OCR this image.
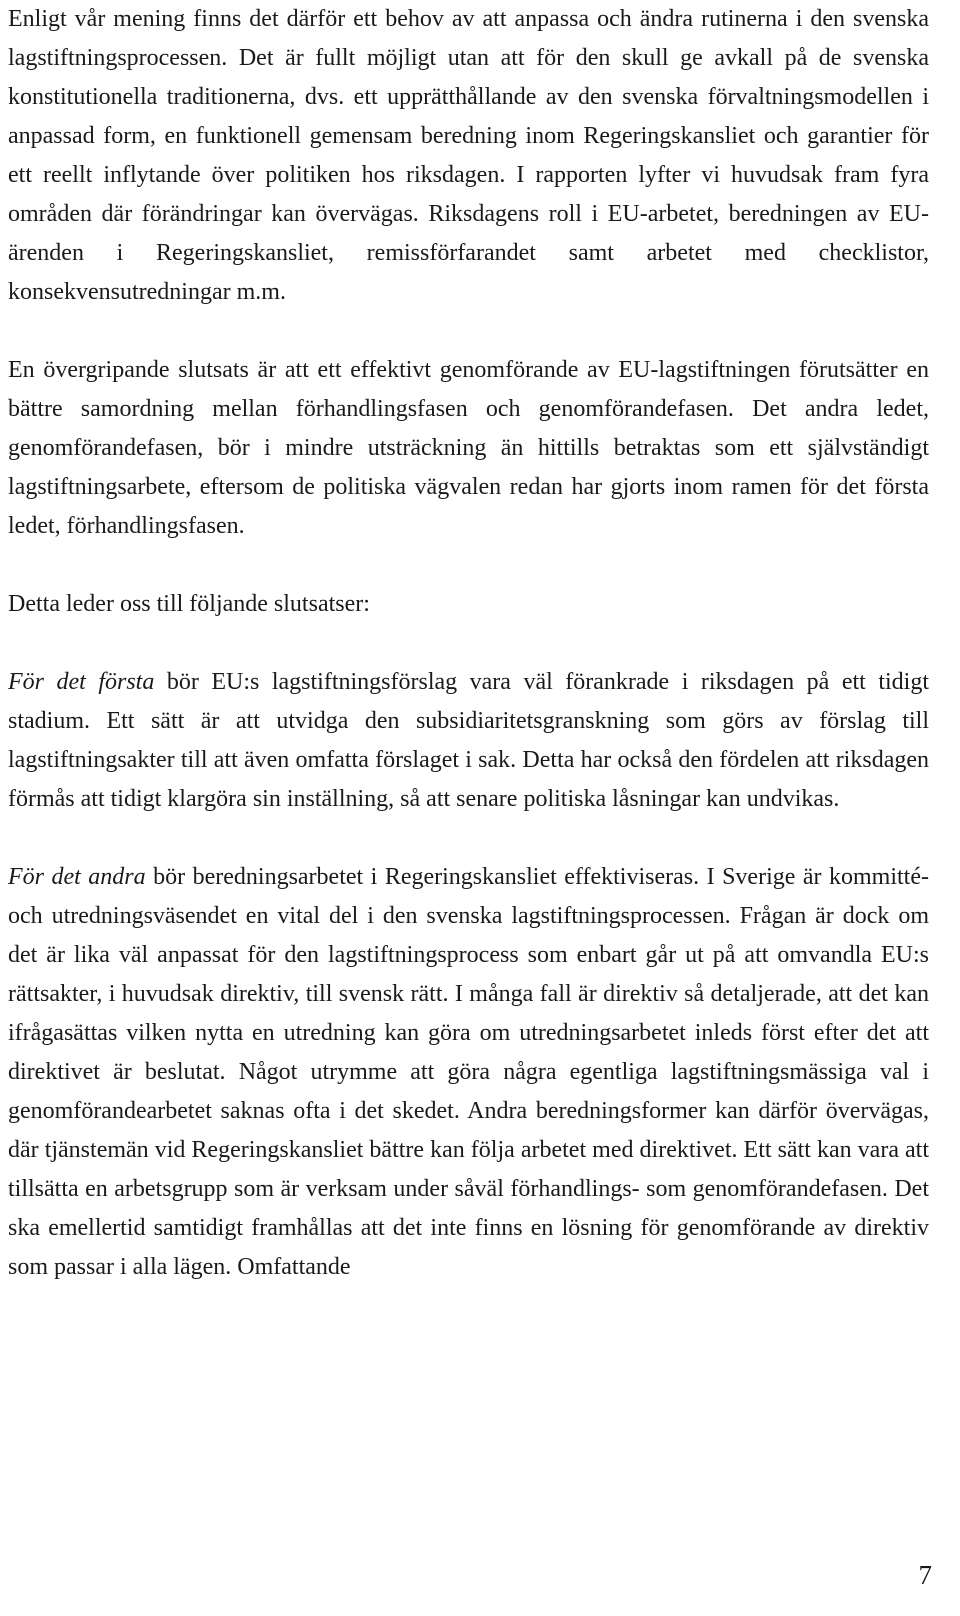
Enligt vår mening finns det därför ett behov av att anpassa och ändra rutinerna i den svenska lagstiftningsprocessen. Det är fullt möjligt utan att för den skull ge avkall på de svenska konstitutionella traditionerna, dvs. ett upprätthållande av den svenska förvaltningsmodellen i anpassad form, en funktionell gemensam beredning inom Regeringskansliet och garantier för ett reellt inflytande över politiken hos riksdagen. I rapporten lyfter vi huvudsak fram fyra områden där förändringar kan övervägas. Riksdagens roll i EU-arbetet, beredningen av EU-ärenden i Regeringskansliet, remissförfarandet samt arbetet med checklistor, konsekvensutredningar m.m.

En övergripande slutsats är att ett effektivt genomförande av EU-lagstiftningen förutsätter en bättre samordning mellan förhandlingsfasen och genomförandefasen. Det andra ledet, genomförandefasen, bör i mindre utsträckning än hittills betraktas som ett självständigt lagstiftningsarbete, eftersom de politiska vägvalen redan har gjorts inom ramen för det första ledet, förhandlingsfasen.

Detta leder oss till följande slutsatser:

För det första bör EU:s lagstiftningsförslag vara väl förankrade i riksdagen på ett tidigt stadium. Ett sätt är att utvidga den subsidiaritetsgranskning som görs av förslag till lagstiftningsakter till att även omfatta förslaget i sak. Detta har också den fördelen att riksdagen förmås att tidigt klargöra sin inställning, så att senare politiska låsningar kan undvikas.

För det andra bör beredningsarbetet i Regeringskansliet effektiviseras. I Sverige är kommitté- och utredningsväsendet en vital del i den svenska lagstiftningsprocessen. Frågan är dock om det är lika väl anpassat för den lagstiftningsprocess som enbart går ut på att omvandla EU:s rättsakter, i huvudsak direktiv, till svensk rätt. I många fall är direktiv så detaljerade, att det kan ifrågasättas vilken nytta en utredning kan göra om utredningsarbetet inleds först efter det att direktivet är beslutat. Något utrymme att göra några egentliga lagstiftningsmässiga val i genomförandearbetet saknas ofta i det skedet. Andra beredningsformer kan därför övervägas, där tjänstemän vid Regeringskansliet bättre kan följa arbetet med direktivet. Ett sätt kan vara att tillsätta en arbetsgrupp som är verksam under såväl förhandlings- som genomförandefasen. Det ska emellertid samtidigt framhållas att det inte finns en lösning för genomförande av direktiv som passar i alla lägen. Omfattande

7
